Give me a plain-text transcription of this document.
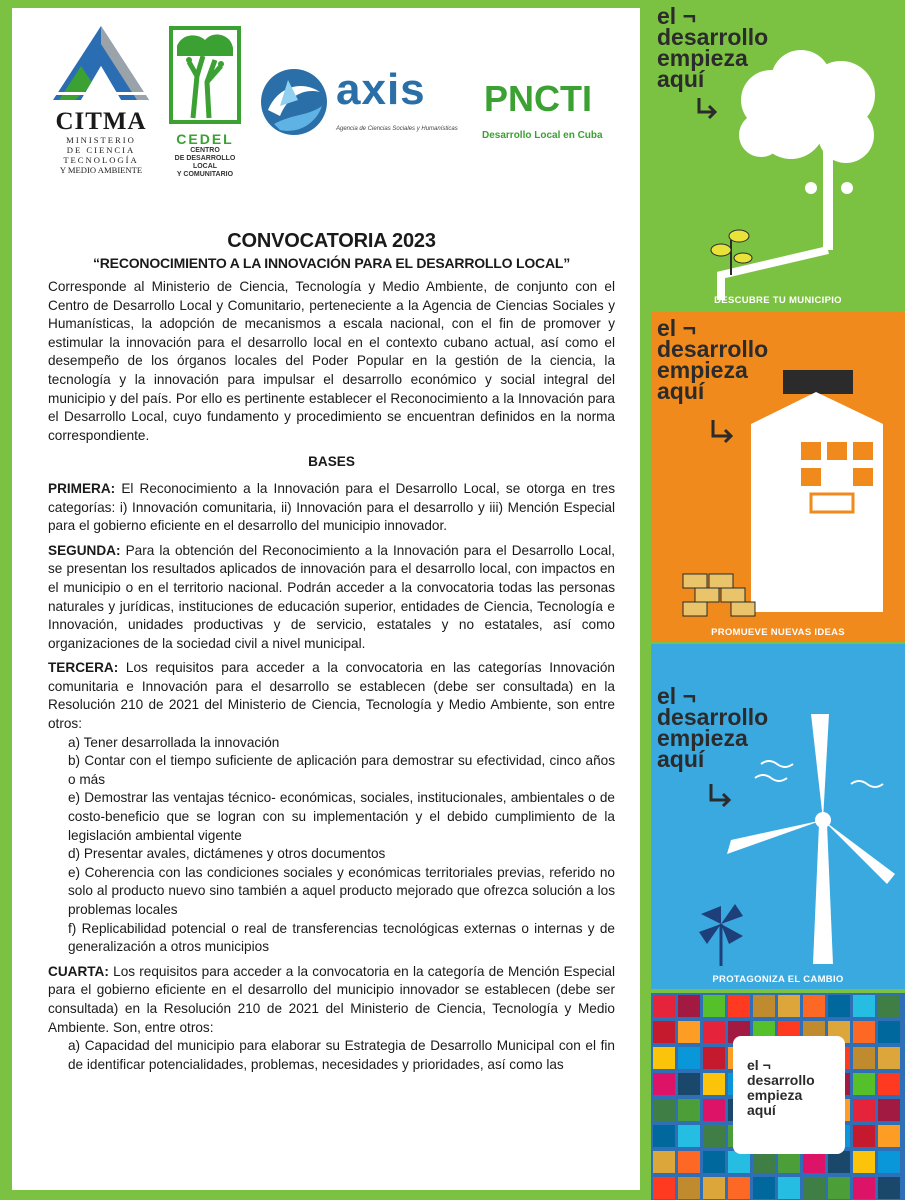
CITMA
MINISTERIO
DE CIENCIA
TECNOLOGÍA
Y MEDIO AMBIENTE
CEDEL
CENTRO
DE DESARROLLO
LOCAL
Y COMUNITARIO
axis
Agencia de Ciencias Sociales y Humanísticas
PNCTI
Desarrollo Local en Cuba

CONVOCATORIA 2023

“RECONOCIMIENTO A LA INNOVACIÓN PARA EL DESARROLLO LOCAL”

Corresponde al Ministerio de Ciencia, Tecnología y Medio Ambiente, de conjunto con el Centro de Desarrollo Local y Comunitario, perteneciente a la Agencia de Ciencias Sociales y Humanísticas, la adopción de mecanismos a escala nacional, con el fin de promover y estimular la innovación para el desarrollo local en el contexto cubano actual, así como el desempeño de los órganos locales del Poder Popular en la gestión de la ciencia, la tecnología y la innovación para impulsar el desarrollo económico y social integral del municipio y del país. Por ello es pertinente establecer el Reconocimiento a la Innovación para el Desarrollo Local, cuyo fundamento y procedimiento se encuentran definidos en la norma correspondiente.

BASES

PRIMERA: El Reconocimiento a la Innovación para el Desarrollo Local, se otorga en tres categorías: i) Innovación comunitaria, ii) Innovación para el desarrollo y iii) Mención Especial para el gobierno eficiente en el desarrollo del municipio innovador.

SEGUNDA: Para la obtención del Reconocimiento a la Innovación para el Desarrollo Local, se presentan los resultados aplicados de innovación para el desarrollo local, con impactos en el municipio o en el territorio nacional. Podrán acceder a la convocatoria todas las personas naturales y jurídicas, instituciones de educación superior, entidades de Ciencia, Tecnología e Innovación, unidades productivas y de servicio, estatales y no estatales, así como organizaciones de la sociedad civil a nivel municipal.

TERCERA: Los requisitos para acceder a la convocatoria en las categorías Innovación comunitaria e Innovación para el desarrollo se establecen (debe ser consultada) en la Resolución 210 de 2021 del Ministerio de Ciencia, Tecnología y Medio Ambiente, son entre otros:

a) Tener desarrollada la innovación

b) Contar con el tiempo suficiente de aplicación para demostrar su efectividad, cinco años o más

e) Demostrar las ventajas técnico- económicas, sociales, institucionales, ambientales o de costo-beneficio que se logran con su implementación y el debido cumplimiento de la legislación ambiental vigente

d) Presentar avales, dictámenes y otros documentos

e) Coherencia con las condiciones sociales y económicas territoriales previas, referido no solo al producto nuevo sino también a aquel producto mejorado que ofrezca solución a los problemas locales

f) Replicabilidad potencial o real de transferencias tecnológicas externas o internas y de generalización a otros municipios

CUARTA: Los requisitos para acceder a la convocatoria en la categoría de Mención Especial para el gobierno eficiente en el desarrollo del municipio innovador se establecen (debe ser consultada) en la Resolución 210 de 2021 del Ministerio de Ciencia, Tecnología y Medio Ambiente. Son, entre otros:

a) Capacidad del municipio para elaborar su Estrategia de Desarrollo Municipal con el fin de identificar potencialidades, problemas, necesidades y prioridades, así como las

el ¬
desarrollo
empieza
aquí
DESCUBRE TU MUNICIPIO
el ¬
desarrollo
empieza
aquí
PROMUEVE NUEVAS IDEAS
el ¬
desarrollo
empieza
aquí
PROTAGONIZA EL CAMBIO
el ¬
desarrollo
empieza
aquí
